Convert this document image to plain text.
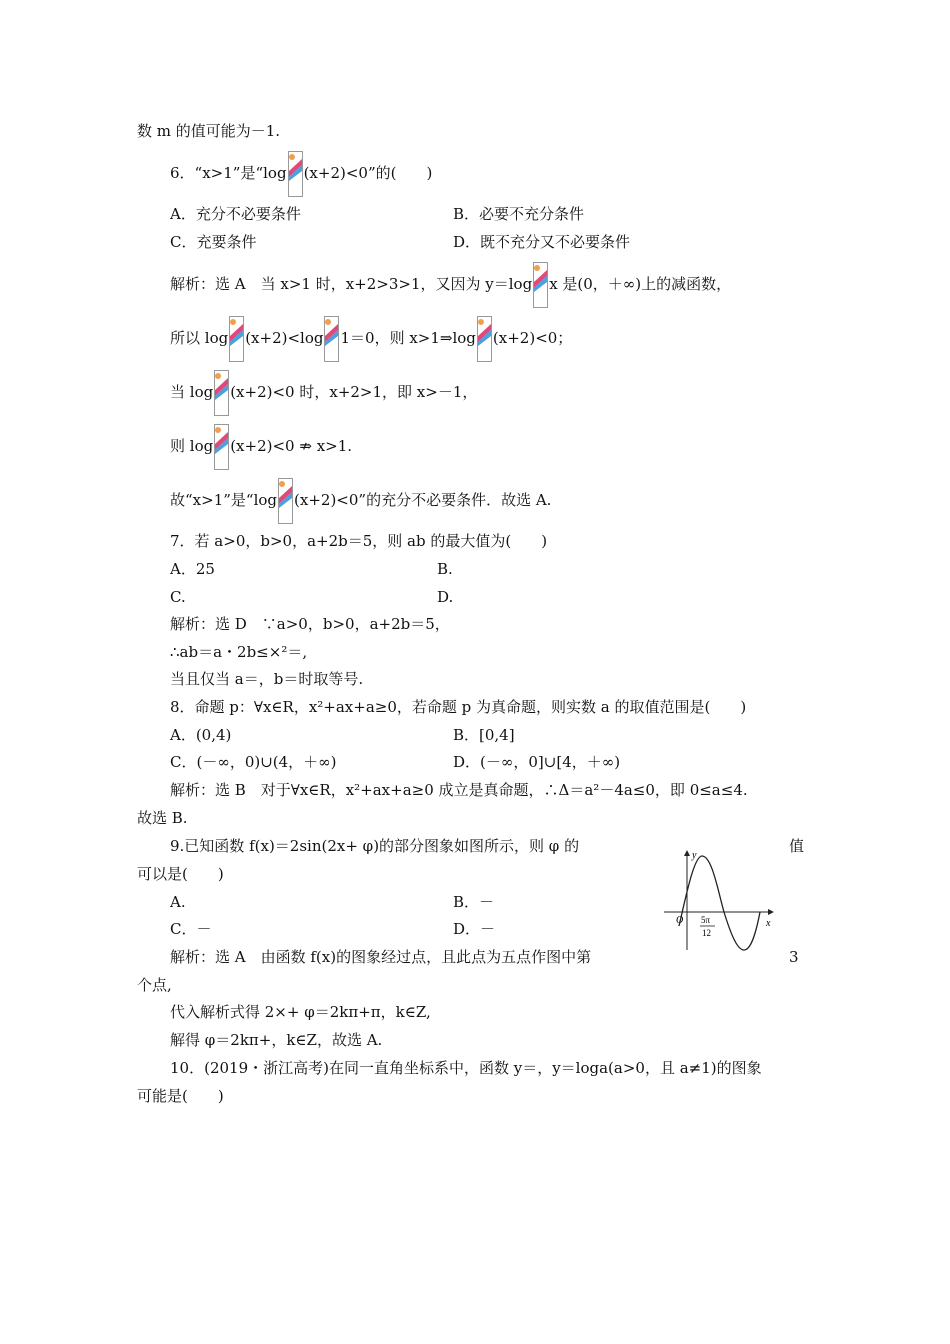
数 m 的值可能为－1.
6．“x>1”是“log (x+2)<0”的(　　)
A．充分不必要条件	B．必要不充分条件
C．充要条件	D．既不充分又不必要条件
解析：选 A　当 x>1 时，x+2>3>1，又因为 y＝log x 是(0，＋∞)上的减函数，
所以 log (x+2)<log 1＝0，则 x>1⇒log (x+2)<0；
当 log (x+2)<0 时，x+2>1，即 x>－1，
则 log (x+2)<0 ⇏ x>1.
故“x>1”是“log (x+2)<0”的充分不必要条件．故选 A.
7．若 a>0，b>0，a+2b＝5，则 ab 的最大值为(　　)
A．25	B.
C.	D.
解析：选 D　∵a>0，b>0，a+2b＝5，
∴ab＝a・2b≤×²＝,
当且仅当 a＝，b＝时取等号.
8．命题 p：∀x∈R，x²+ax+a≥0，若命题 p 为真命题，则实数 a 的取值范围是(　　)
A．(0,4)	B．[0,4]
C．(－∞，0)∪(4，＋∞)	D．(－∞，0]∪[4，＋∞)
解析：选 B　对于∀x∈R，x²+ax+a≥0 成立是真命题，∴Δ＝a²－4a≤0，即 0≤a≤4.
故选 B.
9.已知函数 f(x)＝2sin(2x+ φ)的部分图象如图所示，则 φ 的	值
可以是(　　)
A.	B．－
C．－	D．－
解析：选 A　由函数 f(x)的图象经过点，且此点为五点作图中第	3
个点,
代入解析式得 2×+ φ＝2kπ+π，k∈Z,
解得 φ＝2kπ+，k∈Z，故选 A.
10．(2019・浙江高考)在同一直角坐标系中，函数 y＝，y＝loga(a>0，且 a≠1)的图象
可能是(　　)
y
x
O 5π
12
